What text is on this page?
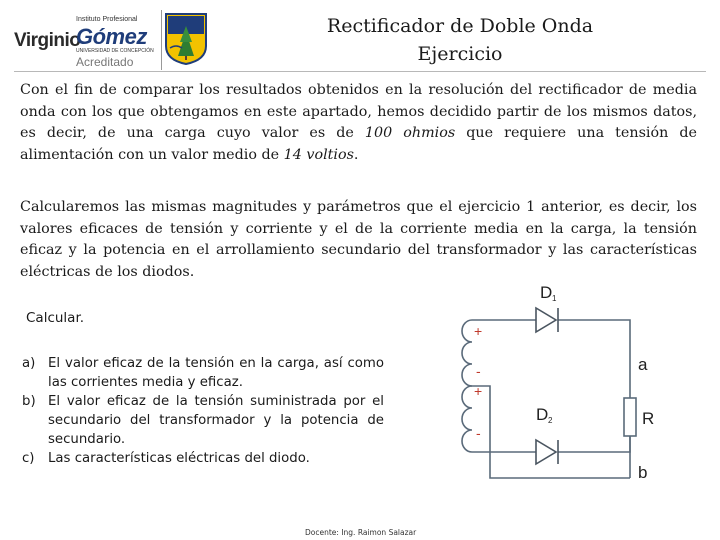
Virginio
Instituto Profesional
Gómez
UNIVERSIDAD DE CONCEPCIÓN
Acreditado
Rectificador de Doble Onda
Ejercicio

Con el fin de comparar los resultados obtenidos en la resolución del rectificador de media onda con los que obtengamos en este apartado, hemos decidido partir de los mismos datos, es decir, de una carga cuyo valor es de 100 ohmios que requiere una tensión de alimentación con un valor medio de 14 voltios.

Calcularemos las mismas magnitudes y parámetros que el ejercicio 1 anterior, es decir, los valores eficaces de tensión y corriente y el de la corriente media en la carga, la tensión eficaz y la potencia en el arrollamiento secundario del transformador y las características eléctricas de los diodos.

Calcular.
a) El valor eficaz de la tensión en la carga, así como las corrientes media y eficaz.
b) El valor eficaz de la tensión suministrada por el secundario del transformador y la potencia de secundario.
c) Las características eléctricas del diodo.
D 1
D 2	R
a
b
+
-
+
-
Docente: Ing. Raimon Salazar
